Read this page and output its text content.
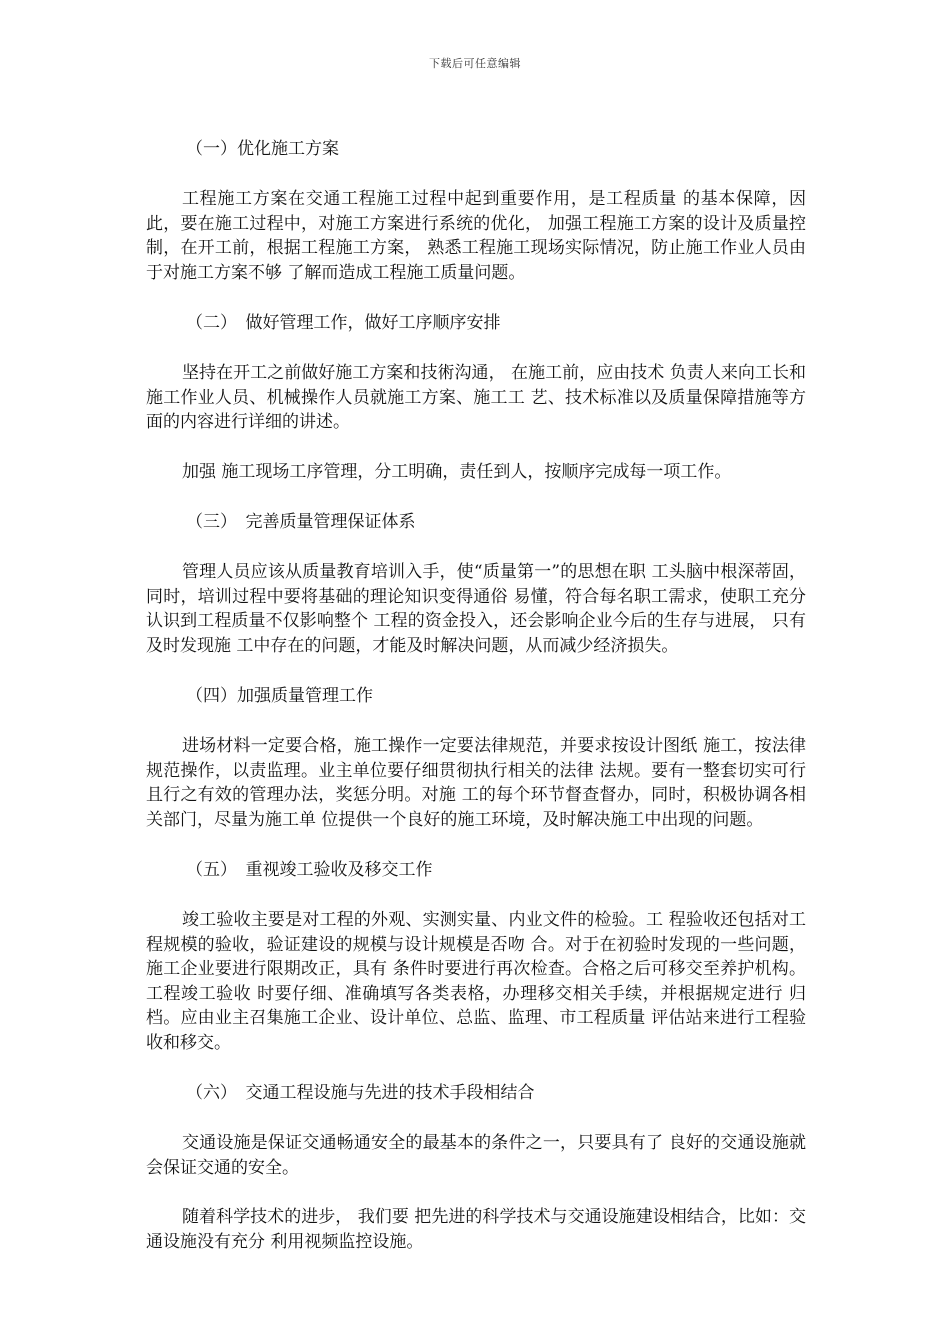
下载后可任意编辑
（一）优化施工方案

工程施工方案在交通工程施工过程中起到重要作用，是工程质量 的基本保障，因此，要在施工过程中，对施工方案进行系统的优化， 加强工程施工方案的设计及质量控制，在开工前，根据工程施工方案， 熟悉工程施工现场实际情况，防止施工作业人员由于对施工方案不够 了解而造成工程施工质量问题。

（二）　做好管理工作，做好工序顺序安排

坚持在开工之前做好施工方案和技術沟通， 在施工前，应由技术 负责人来向工长和施工作业人员、机械操作人员就施工方案、施工工 艺、技术标准以及质量保障措施等方面的内容进行详细的讲述。

加强 施工现场工序管理，分工明确，责任到人，按顺序完成每一项工作。

（三）　完善质量管理保证体系

管理人员应该从质量教育培训入手，使“质量第一”的思想在职 工头脑中根深蒂固，同时，培训过程中要将基础的理论知识变得通俗 易懂，符合每名职工需求，使职工充分认识到工程质量不仅影响整个 工程的资金投入，还会影响企业今后的生存与进展， 只有及时发现施 工中存在的问题，才能及时解决问题，从而减少经济损失。

（四）加强质量管理工作

进场材料一定要合格，施工操作一定要法律规范，并要求按设计图纸 施工，按法律规范操作，以责监理。业主单位要仔细贯彻执行相关的法律 法规。要有一整套切实可行且行之有效的管理办法，奖惩分明。对施 工的每个环节督查督办，同时，积极协调各相关部门，尽量为施工单 位提供一个良好的施工环境，及时解决施工中出现的问题。

（五）　重视竣工验收及移交工作

竣工验收主要是对工程的外观、实测实量、内业文件的检验。工 程验收还包括对工程规模的验收，验证建设的规模与设计规模是否吻 合。对于在初验时发现的一些问题，施工企业要进行限期改正，具有 条件时要进行再次检查。合格之后可移交至养护机构。工程竣工验收 时要仔细、准确填写各类表格，办理移交相关手续，并根据规定进行 归档。应由业主召集施工企业、设计单位、总监、监理、市工程质量 评估站来进行工程验收和移交。

（六）　交通工程设施与先进的技术手段相结合

交通设施是保证交通畅通安全的最基本的条件之一，只要具有了 良好的交通设施就会保证交通的安全。

随着科学技术的进步， 我们要 把先进的科学技术与交通设施建设相结合，比如：交通设施没有充分 利用视频监控设施。
